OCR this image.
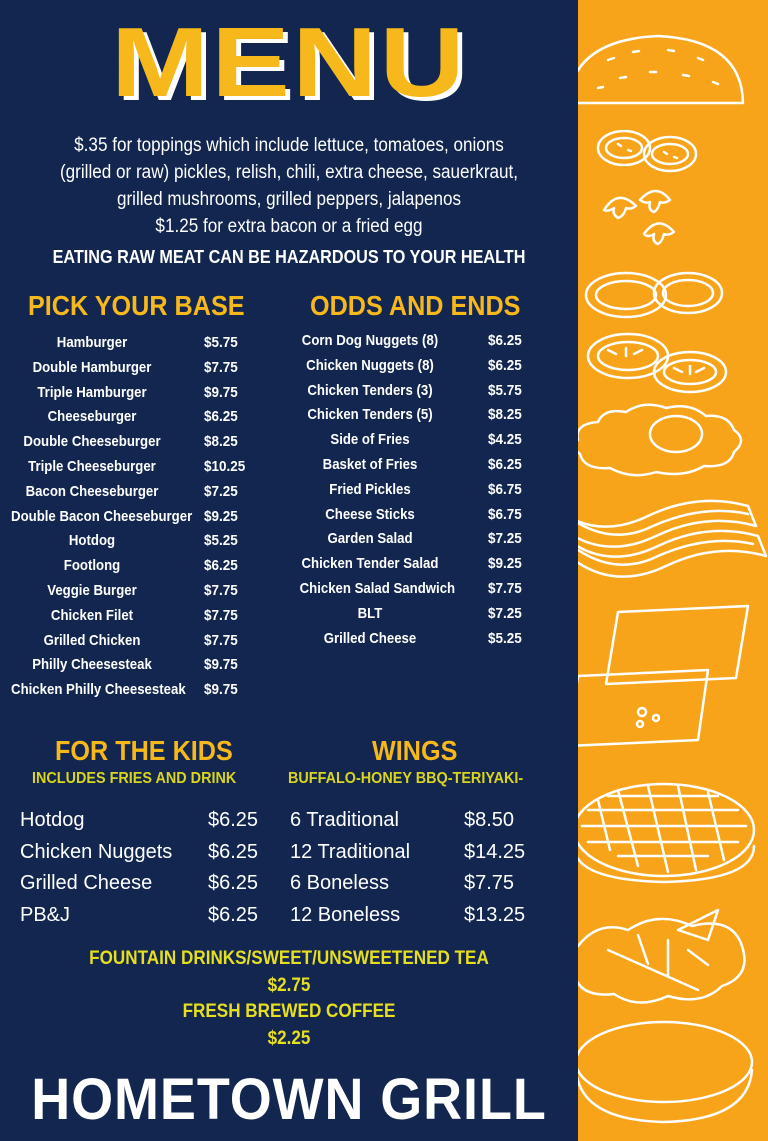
MENU
$.35 for toppings which include lettuce, tomatoes, onions
(grilled or raw) pickles, relish, chili, extra cheese, sauerkraut,
grilled mushrooms, grilled peppers, jalapenos
$1.25 for extra bacon or a fried egg
EATING RAW MEAT CAN BE HAZARDOUS TO YOUR HEALTH
PICK YOUR BASE
Hamburger	$5.75
Double Hamburger	$7.75
Triple Hamburger	$9.75
Cheeseburger	$6.25
Double Cheeseburger	$8.25
Triple Cheeseburger	$10.25
Bacon Cheeseburger	$7.25
Double Bacon Cheeseburger $9.25
Hotdog	$5.25
Footlong	$6.25
Veggie Burger	$7.75
Chicken Filet	$7.75
Grilled Chicken	$7.75
Philly Cheesesteak	$9.75
Chicken Philly Cheesesteak $9.75
ODDS AND ENDS
Corn Dog Nuggets (8)	$6.25
Chicken Nuggets (8)	$6.25
Chicken Tenders (3)	$5.75
Chicken Tenders (5)	$8.25
Side of Fries	$4.25
Basket of Fries	$6.25
Fried Pickles	$6.75
Cheese Sticks	$6.75
Garden Salad	$7.25
Chicken Tender Salad	$9.25
Chicken Salad Sandwich $7.75
BLT	$7.25
Grilled Cheese	$5.25
FOR THE KIDS
INCLUDES FRIES AND DRINK
Hotdog	$6.25
Chicken Nuggets	$6.25
Grilled Cheese	$6.25
PB&J	$6.25
WINGS
BUFFALO-HONEY BBQ-TERIYAKI-
6 Traditional	$8.50
12 Traditional	$14.25
6 Boneless	$7.75
12 Boneless	$13.25
FOUNTAIN DRINKS/SWEET/UNSWEETENED TEA
$2.75
FRESH BREWED COFFEE
$2.25
HOMETOWN GRILL
